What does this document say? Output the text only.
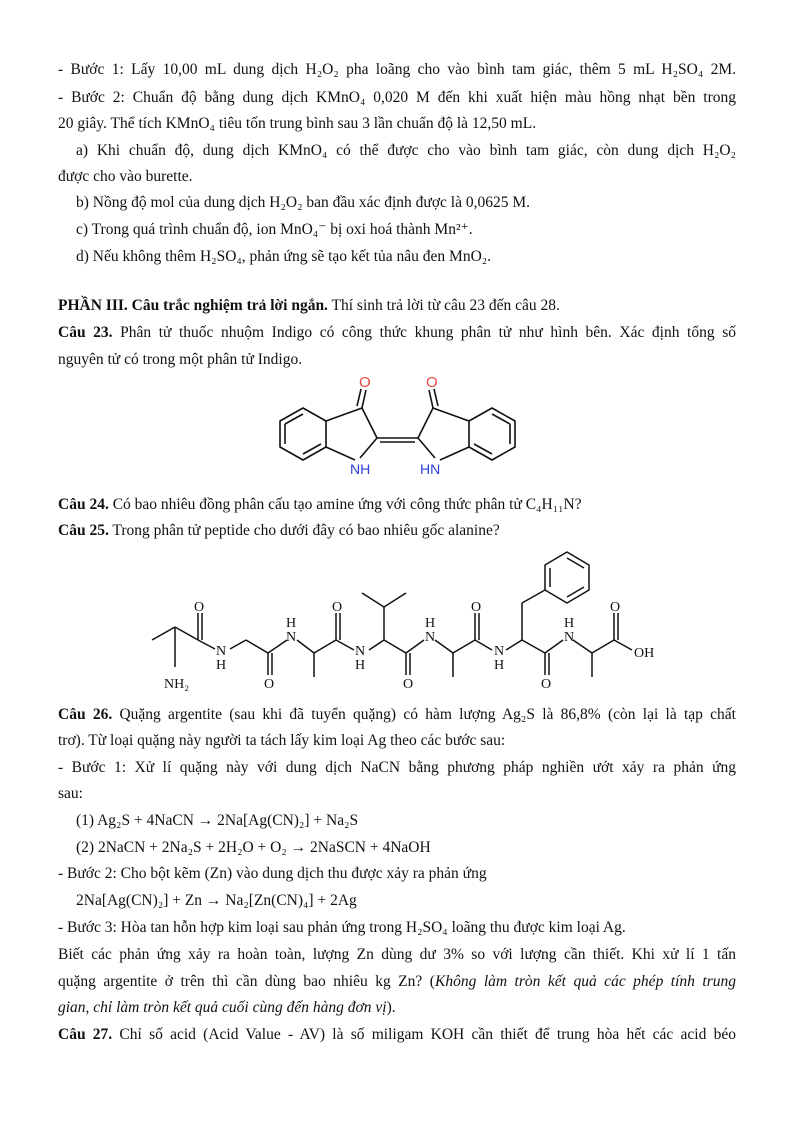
- Bước 1: Lấy 10,00 mL dung dịch H₂O₂ pha loãng cho vào bình tam giác, thêm 5 mL H₂SO₄ 2M.
- Bước 2: Chuẩn độ bằng dung dịch KMnO₄ 0,020 M đến khi xuất hiện màu hồng nhạt bền trong
20 giây. Thể tích KMnO₄ tiêu tốn trung bình sau 3 lần chuẩn độ là 12,50 mL.
a) Khi chuẩn độ, dung dịch KMnO₄ có thể được cho vào bình tam giác, còn dung dịch H₂O₂
được cho vào burette.
b) Nồng độ mol của dung dịch H₂O₂ ban đầu xác định được là 0,0625 M.
c) Trong quá trình chuẩn độ, ion MnO₄⁻ bị oxi hoá thành Mn²⁺.
d) Nếu không thêm H₂SO₄, phản ứng sẽ tạo kết tủa nâu đen MnO₂.
PHẦN III. Câu trắc nghiệm trả lời ngắn. Thí sinh trả lời từ câu 23 đến câu 28.
Câu 23. Phân tử thuốc nhuộm Indigo có công thức khung phân tử như hình bên. Xác định tổng số
nguyên tử có trong một phân tử Indigo.
O	O
NH	HN
Câu 24. Có bao nhiêu đồng phân cấu tạo amine ứng với công thức phân tử C₄H₁₁N?
Câu 25. Trong phân tử peptide cho dưới đây có bao nhiêu gốc alanine?
O
O
O
O
O
O
O
N
H
H
N
N
H
H
N
N
H
H
N
NH₂
OH
Câu 26. Quặng argentite (sau khi đã tuyển quặng) có hàm lượng Ag₂S là 86,8% (còn lại là tạp chất
trơ). Từ loại quặng này người ta tách lấy kim loại Ag theo các bước sau:
- Bước 1: Xử lí quặng này với dung dịch NaCN bằng phương pháp nghiền ướt xảy ra phản ứng
sau:
(1) Ag₂S + 4NaCN → 2Na[Ag(CN)₂] + Na₂S
(2) 2NaCN + 2Na₂S + 2H₂O + O₂ → 2NaSCN + 4NaOH
- Bước 2: Cho bột kẽm (Zn) vào dung dịch thu được xảy ra phản ứng
2Na[Ag(CN)₂] + Zn → Na₂[Zn(CN)₄] + 2Ag
- Bước 3: Hòa tan hỗn hợp kim loại sau phản ứng trong H₂SO₄ loãng thu được kim loại Ag.
Biết các phản ứng xảy ra hoàn toàn, lượng Zn dùng dư 3% so với lượng cần thiết. Khi xử lí 1 tấn
quặng argentite ở trên thì cần dùng bao nhiêu kg Zn? (Không làm tròn kết quả các phép tính trung
gian, chỉ làm tròn kết quả cuối cùng đến hàng đơn vị).
Câu 27. Chỉ số acid (Acid Value - AV) là số miligam KOH cần thiết để trung hòa hết các acid béo
